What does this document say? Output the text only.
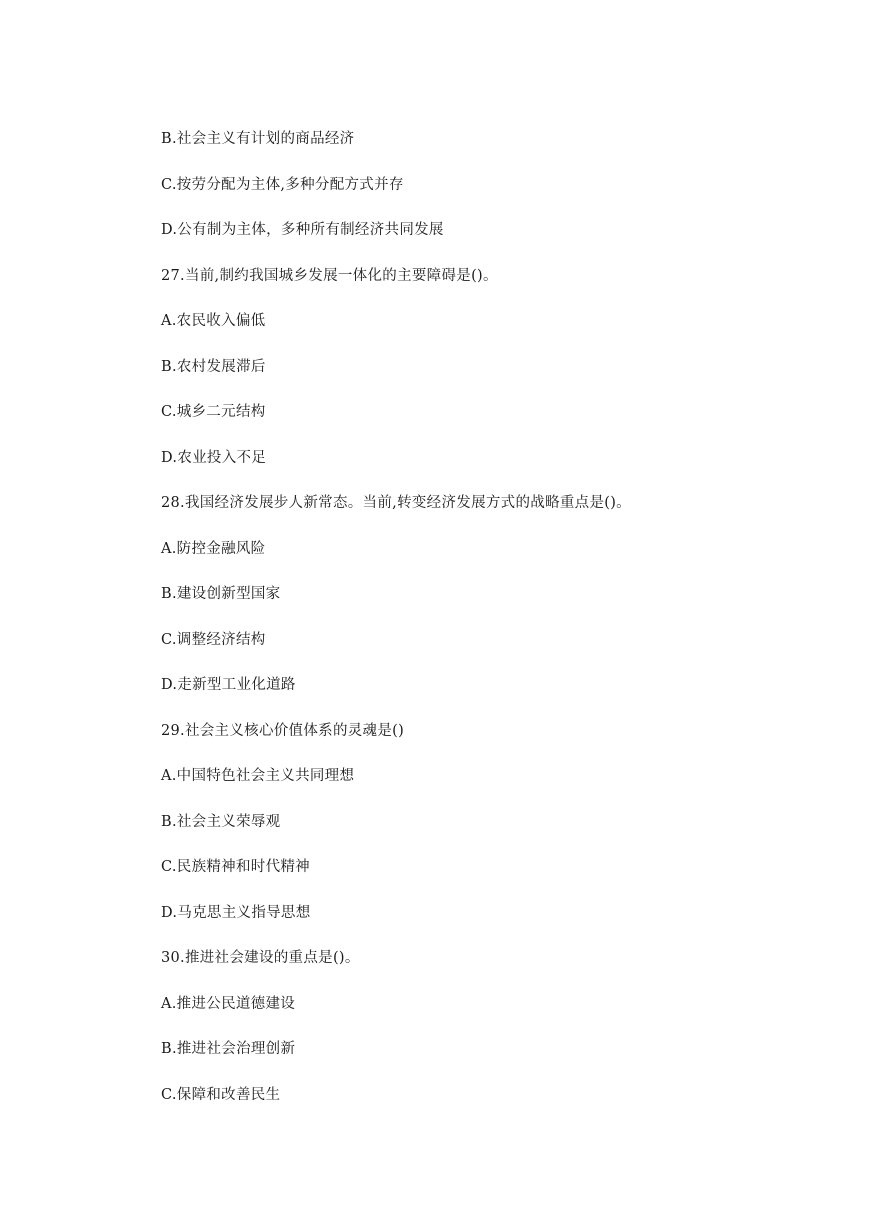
B.社会主义有计划的商品经济
C.按劳分配为主体,多种分配方式并存
D.公有制为主体，多种所有制经济共同发展
27.当前,制约我国城乡发展一体化的主要障碍是()。
A.农民收入偏低
B.农村发展滞后
C.城乡二元结构
D.农业投入不足
28.我国经济发展步人新常态。当前,转变经济发展方式的战略重点是()。
A.防控金融风险
B.建设创新型国家
C.调整经济结构
D.走新型工业化道路
29.社会主义核心价值体系的灵魂是()
A.中国特色社会主义共同理想
B.社会主义荣辱观
C.民族精神和时代精神
D.马克思主义指导思想
30.推进社会建设的重点是()。
A.推进公民道德建设
B.推进社会治理创新
C.保障和改善民生
